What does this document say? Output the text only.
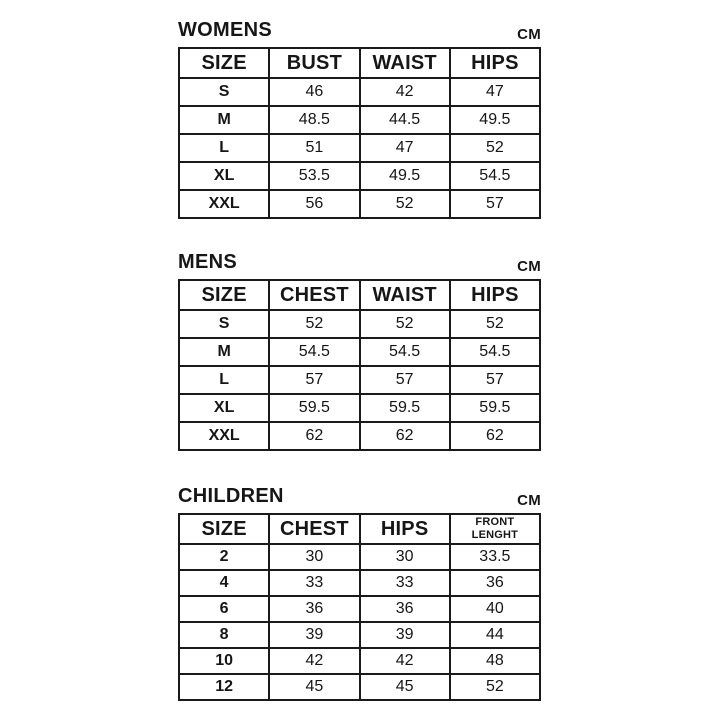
WOMENS	CM
SIZE	BUST	WAIST	HIPS
S	46	42	47
M	48.5	44.5	49.5
L	51	47	52
XL	53.5	49.5	54.5
XXL	56	52	57
MENS	CM
SIZE	CHEST	WAIST	HIPS
S	52	52	52
M	54.5	54.5	54.5
L	57	57	57
XL	59.5	59.5	59.5
XXL	62	62	62
CHILDREN	CM
SIZE	CHEST	HIPS	FRONT LENGHT
2	30	30	33.5
4	33	33	36
6	36	36	40
8	39	39	44
10	42	42	48
12	45	45	52
